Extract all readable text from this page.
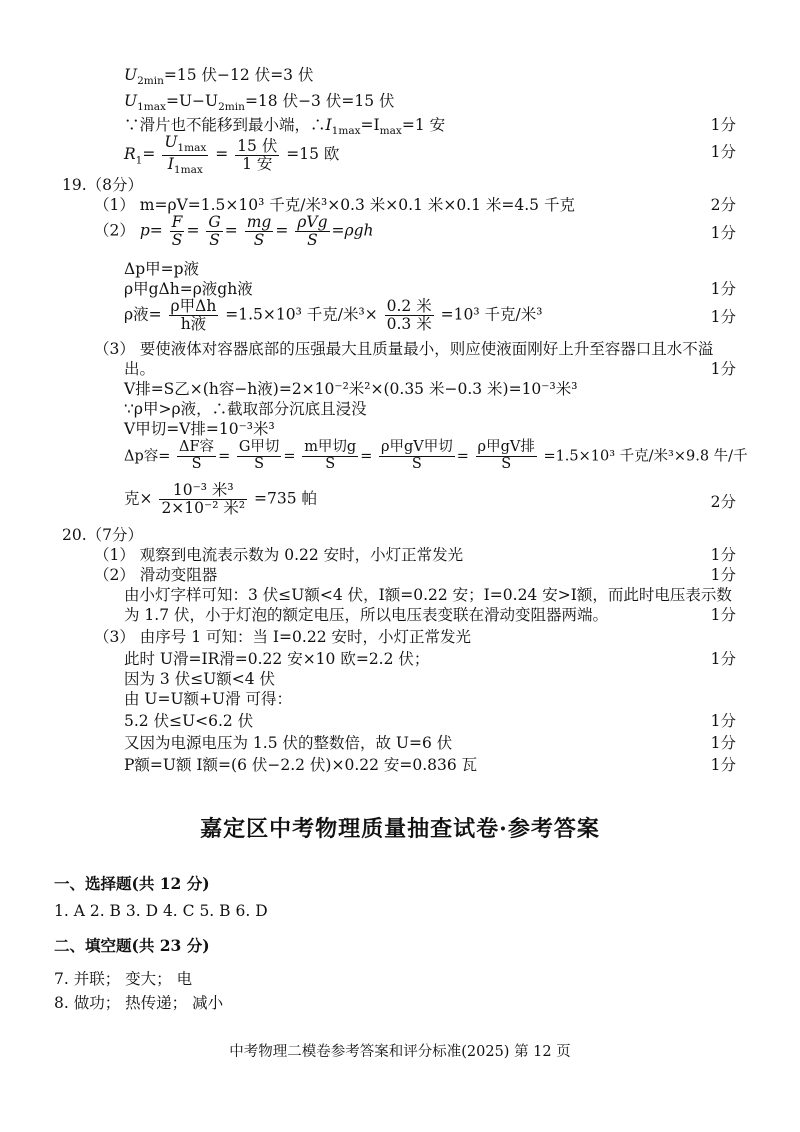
$U_{2min}=15$ 伏−12 伏=3 伏
$U_{1max}=U-U_{2min}=18$ 伏−3 伏=15 伏
∵滑片也不能移到最小端，$\therefore I_{1max}=I_{max}=1$ 安	1分
$R_1= \frac{U_{1max}}{I_{1max}} = \frac{\text{15 伏}}{\text{1 安}} =15$ 欧	1分
19.（8分）
（1） m=ρV=1.5×10³ 千克/米³×0.3 米×0.1 米×0.1 米=4.5 千克	2分
（2） $p= \frac{F}{S} = \frac{G}{S} = \frac{mg}{S} = \frac{\text{ρVg}}{S} =\rho gh$	1分
Δp甲=p液
ρ甲gΔh=ρ液gh液	1分
ρ液= $\frac{\text{ρ甲Δh}}{\text{h液}} =1.5\times 10^3$ 千克/米$^3\times \frac{\text{0.2 米}}{\text{0.3 米}} =10^3$ 千克/米³	1分
（3） 要使液体对容器底部的压强最大且质量最小，则应使液面刚好上升至容器口且水不溢
出。	1分
V排=S乙×(h容−h液)=2×10⁻²米²×(0.35 米−0.3 米)=10⁻³米³
∵ρ甲>ρ液，∴截取部分沉底且浸没
V甲切=V排=10⁻³米³
Δp容= $\frac{\text{ΔF容}}{S} = \frac{\text{G甲切}}{S} = \frac{\text{m甲切g}}{S} = \frac{\text{ρ甲gV甲切}}{S} = \frac{\text{ρ甲gV排}}{S} =1.5\times 10^3$ 千克/米³×9.8 牛/千
克× $\frac{\text{10⁻³ 米³}}{\text{2×10⁻² 米²}} =735$ 帕	2分
20.（7分）
（1） 观察到电流表示数为 0.22 安时，小灯正常发光	1分
（2） 滑动变阻器	1分
由小灯字样可知：3 伏≤U额<4 伏，I额=0.22 安；I=0.24 安>I额，而此时电压表示数
为 1.7 伏，小于灯泡的额定电压，所以电压表变联在滑动变阻器两端。	1分
（3） 由序号 1 可知：当 I=0.22 安时，小灯正常发光
此时 U滑=IR滑=0.22 安×10 欧=2.2 伏；	1分
因为 3 伏≤U额<4 伏
由 U=U额+U滑 可得：
5.2 伏≤U<6.2 伏	1分
又因为电源电压为 1.5 伏的整数倍，故 U=6 伏	1分
P额=U额 I额=(6 伏−2.2 伏)×0.22 安=0.836 瓦	1分
嘉定区中考物理质量抽查试卷·参考答案
一、选择题(共 12 分)
1. A 2. B 3. D 4. C 5. B 6. D
二、填空题(共 23 分)
7. 并联； 变大； 电
8. 做功； 热传递； 减小
中考物理二模卷参考答案和评分标准(2025) 第 12 页
